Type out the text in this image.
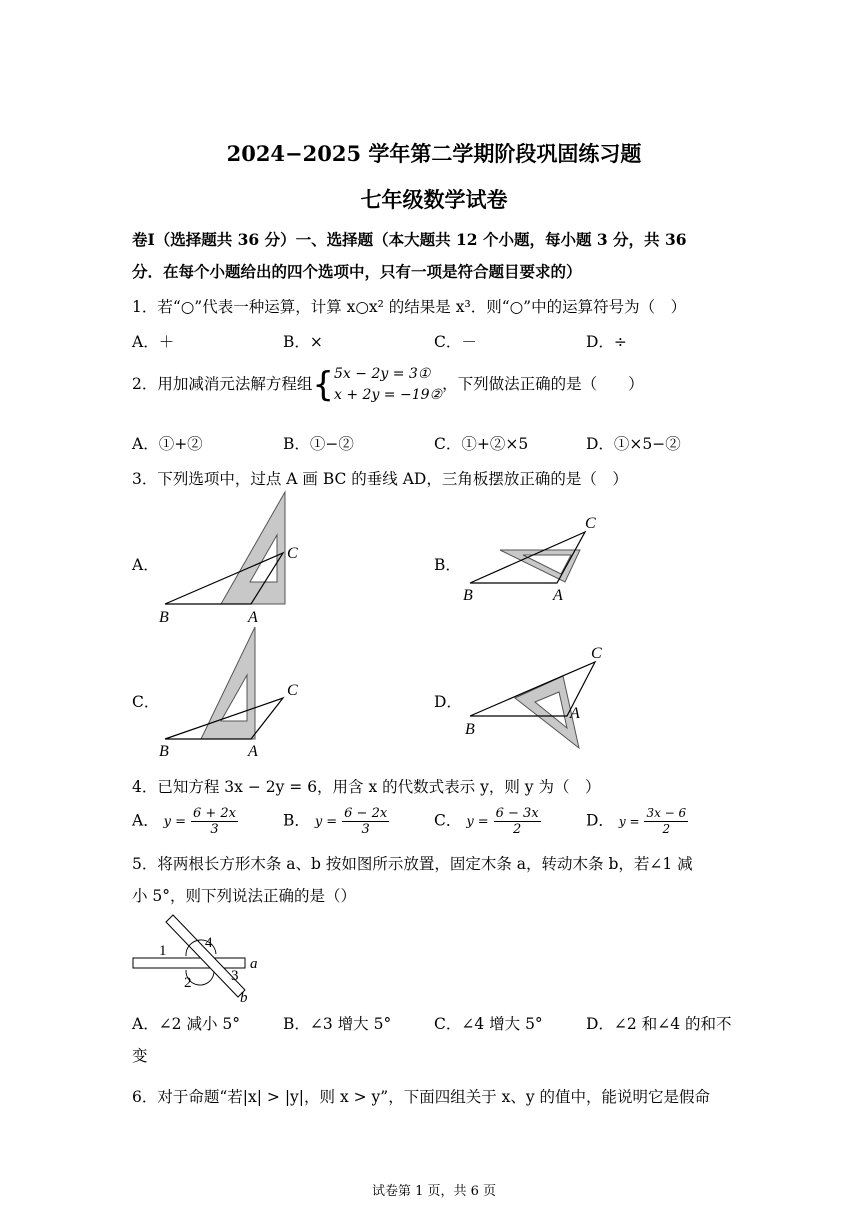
2024−2025 学年第二学期阶段巩固练习题
七年级数学试卷
卷I（选择题共 36 分）一、选择题（本大题共 12 个小题，每小题 3 分，共 36
分．在每个小题给出的四个选项中，只有一项是符合题目要求的）
1．若“○”代表一种运算，计算 x○x² 的结果是 x³．则“○”中的运算符号为（　）
A．＋	B．×	C．－	D．÷
2．用加减消元法解方程组{ 5x − 2y = 3①
x + 2y = −19②
，下列做法正确的是（　　）
A．①+②	B．①−②	C．①+②×5	D．①×5−②
3．下列选项中，过点 A 画 BC 的垂线 AD，三角板摆放正确的是（　）
A．	B．
C．	D．
B	A
C
B	A
C
B	A
C
B
A
C
4．已知方程 3x − 2y = 6，用含 x 的代数式表示 y，则 y 为（　）
A． $y = \frac{6 + 2x}{3}$	B． $y = \frac{6 - 2x}{3}$	C． $y = \frac{6 - 3x}{2}$	D． $y = \frac{3x - 6}{2}$
5．将两根长方形木条 a、b 按如图所示放置，固定木条 a，转动木条 b，若∠1 减
小 5°，则下列说法正确的是（）
1	4
3
2
a
b
A．∠2 减小 5°	B．∠3 增大 5°	C．∠4 增大 5°	D．∠2 和∠4 的和不
变
6．对于命题“若|x| > |y|，则 x > y”，下面四组关于 x、y 的值中，能说明它是假命
试卷第 1 页，共 6 页
